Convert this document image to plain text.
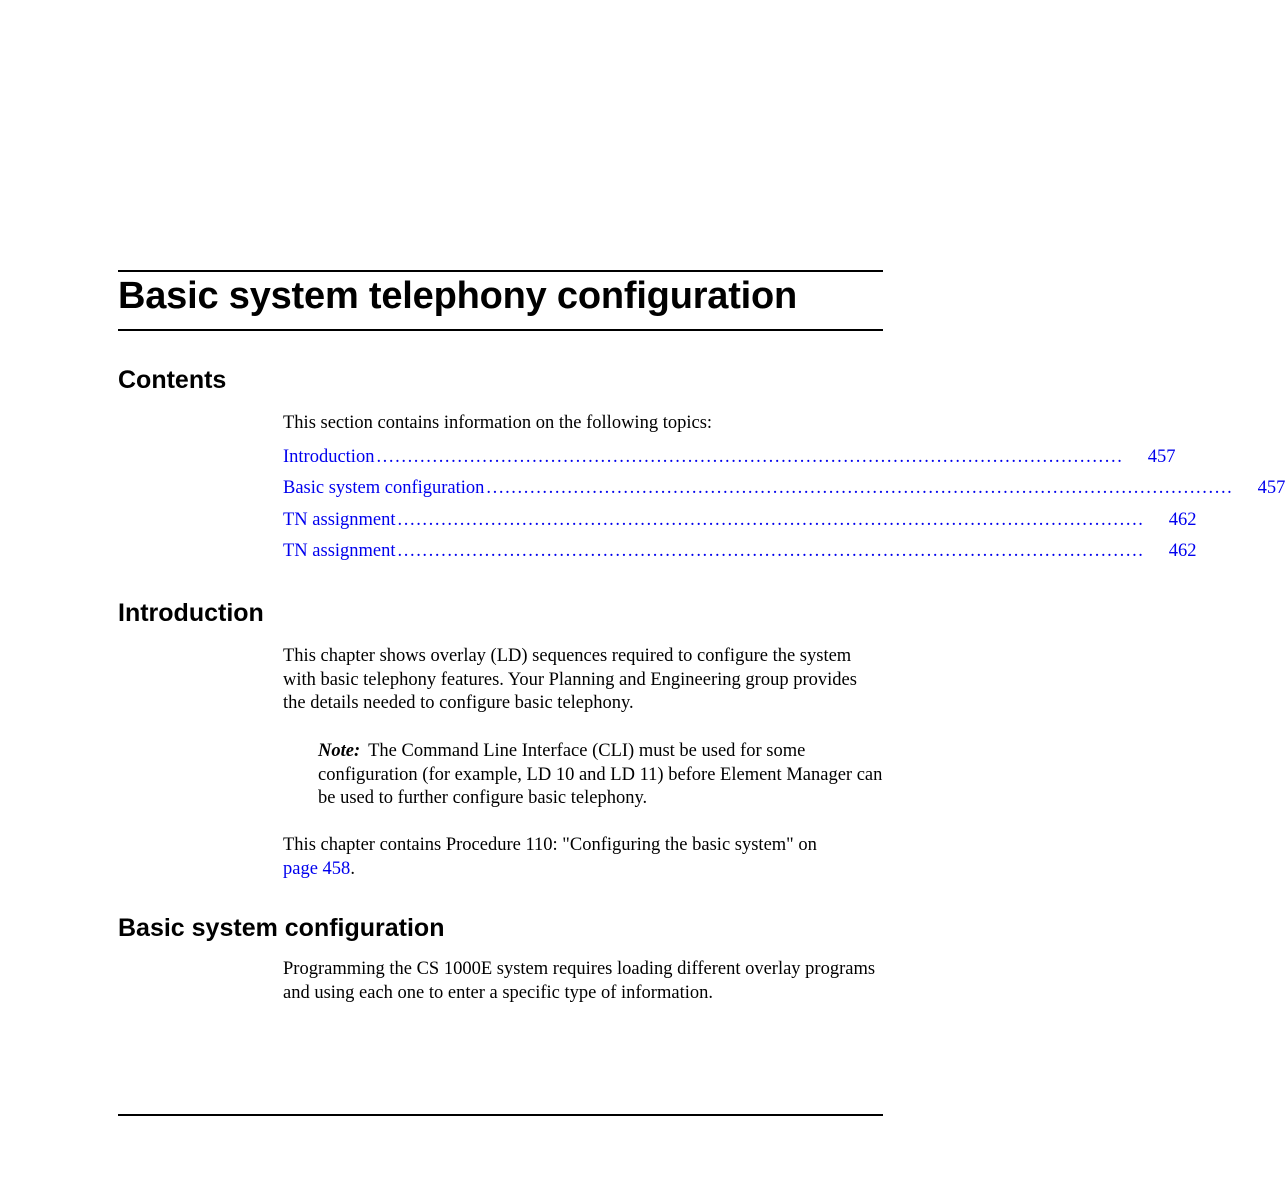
Basic system telephony configuration
Contents

This section contains information on the following topics:

Introduction ........................................................................................................................	457
Basic system configuration ........................................................................................................................	457
TN assignment ........................................................................................................................	462
TN assignment ........................................................................................................................	462
Introduction

This chapter shows overlay (LD) sequences required to configure the system with basic telephony features. Your Planning and Engineering group provides the details needed to configure basic telephony.

Note: The Command Line Interface (CLI) must be used for some configuration (for example, LD 10 and LD 11) before Element Manager can be used to further configure basic telephony.

This chapter contains Procedure 110: "Configuring the basic system" on
page 458.

Basic system configuration

Programming the CS 1000E system requires loading different overlay programs and using each one to enter a specific type of information.
